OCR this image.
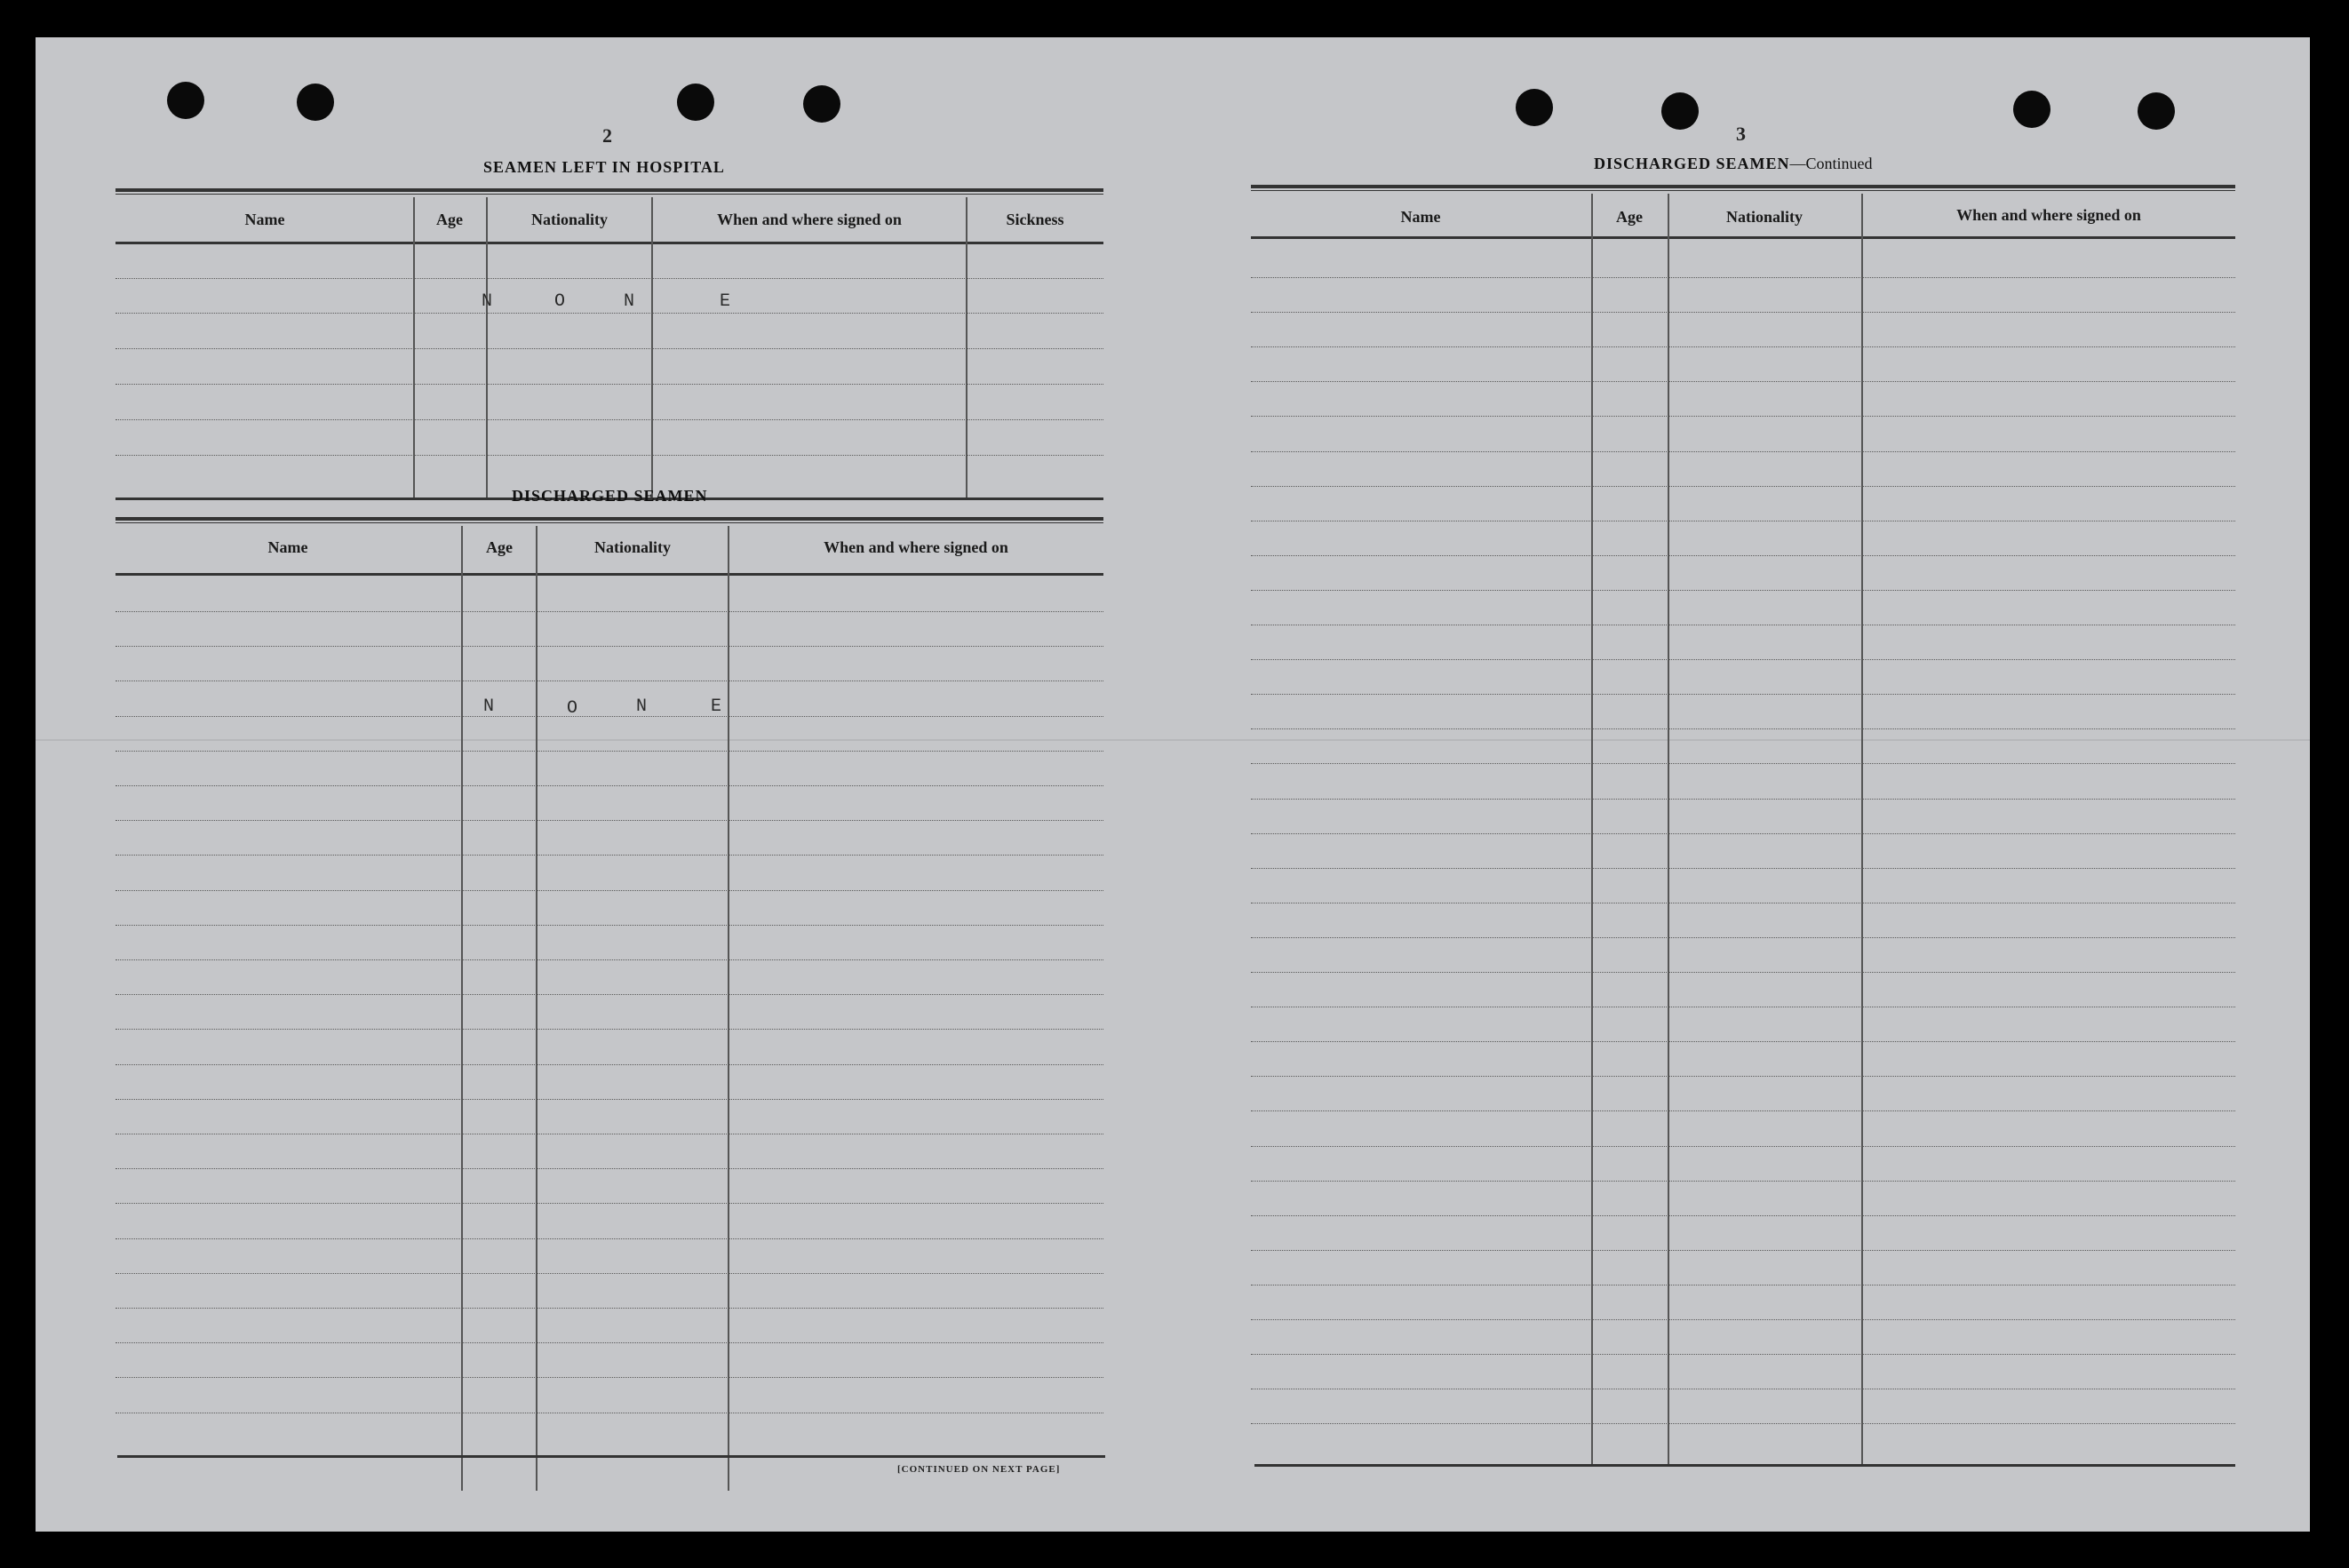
2
SEAMEN LEFT IN HOSPITAL
Name	Age	Nationality	When and where signed on	Sickness
N	O	N	E
DISCHARGED SEAMEN
Name	Age	Nationality	When and where signed on
N	O	N	E
[CONTINUED ON NEXT PAGE]
3
DISCHARGED SEAMEN—Continued
Name	Age	Nationality	When and where signed on
